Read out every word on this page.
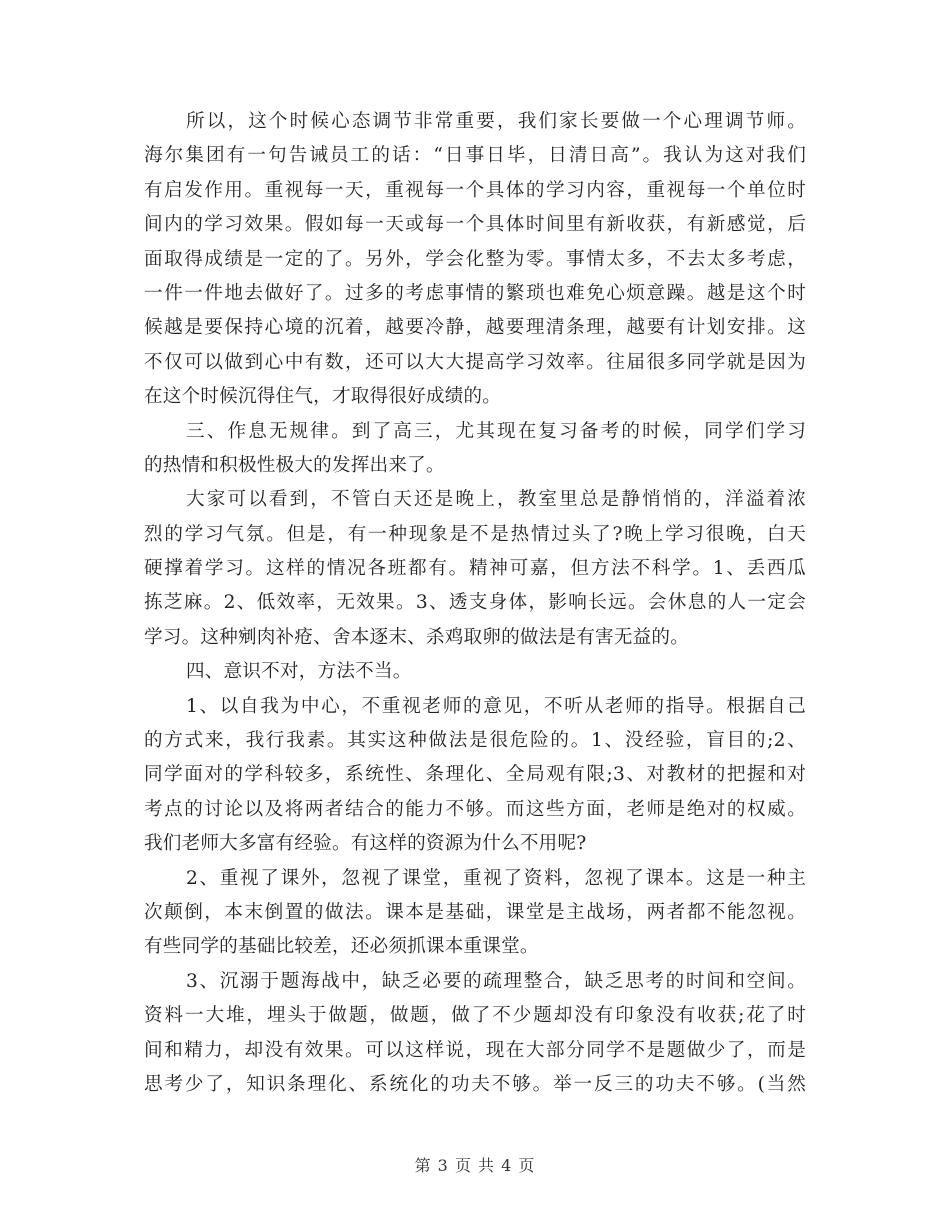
所以，这个时候心态调节非常重要，我们家长要做一个心理调节师。
海尔集团有一句告诫员工的话：“日事日毕，日清日高”。我认为这对我们
有启发作用。重视每一天，重视每一个具体的学习内容，重视每一个单位时
间内的学习效果。假如每一天或每一个具体时间里有新收获，有新感觉，后
面取得成绩是一定的了。另外，学会化整为零。事情太多，不去太多考虑，
一件一件地去做好了。过多的考虑事情的繁琐也难免心烦意躁。越是这个时
候越是要保持心境的沉着，越要冷静，越要理清条理，越要有计划安排。这
不仅可以做到心中有数，还可以大大提高学习效率。往届很多同学就是因为
在这个时候沉得住气，才取得很好成绩的。
三、作息无规律。到了高三，尤其现在复习备考的时候，同学们学习
的热情和积极性极大的发挥出来了。
大家可以看到，不管白天还是晚上，教室里总是静悄悄的，洋溢着浓
烈的学习气氛。但是，有一种现象是不是热情过头了?晚上学习很晚，白天
硬撑着学习。这样的情况各班都有。精神可嘉，但方法不科学。1、丢西瓜
拣芝麻。2、低效率，无效果。3、透支身体，影响长远。会休息的人一定会
学习。这种剜肉补疮、舍本逐末、杀鸡取卵的做法是有害无益的。
四、意识不对，方法不当。
1、以自我为中心，不重视老师的意见，不听从老师的指导。根据自己
的方式来，我行我素。其实这种做法是很危险的。1、没经验，盲目的;2、
同学面对的学科较多，系统性、条理化、全局观有限;3、对教材的把握和对
考点的讨论以及将两者结合的能力不够。而这些方面，老师是绝对的权威。
我们老师大多富有经验。有这样的资源为什么不用呢?
2、重视了课外，忽视了课堂，重视了资料，忽视了课本。这是一种主
次颠倒，本末倒置的做法。课本是基础，课堂是主战场，两者都不能忽视。
有些同学的基础比较差，还必须抓课本重课堂。
3、沉溺于题海战中，缺乏必要的疏理整合，缺乏思考的时间和空间。
资料一大堆，埋头于做题，做题，做了不少题却没有印象没有收获;花了时
间和精力，却没有效果。可以这样说，现在大部分同学不是题做少了，而是
思考少了，知识条理化、系统化的功夫不够。举一反三的功夫不够。(当然
第 3 页 共 4 页
